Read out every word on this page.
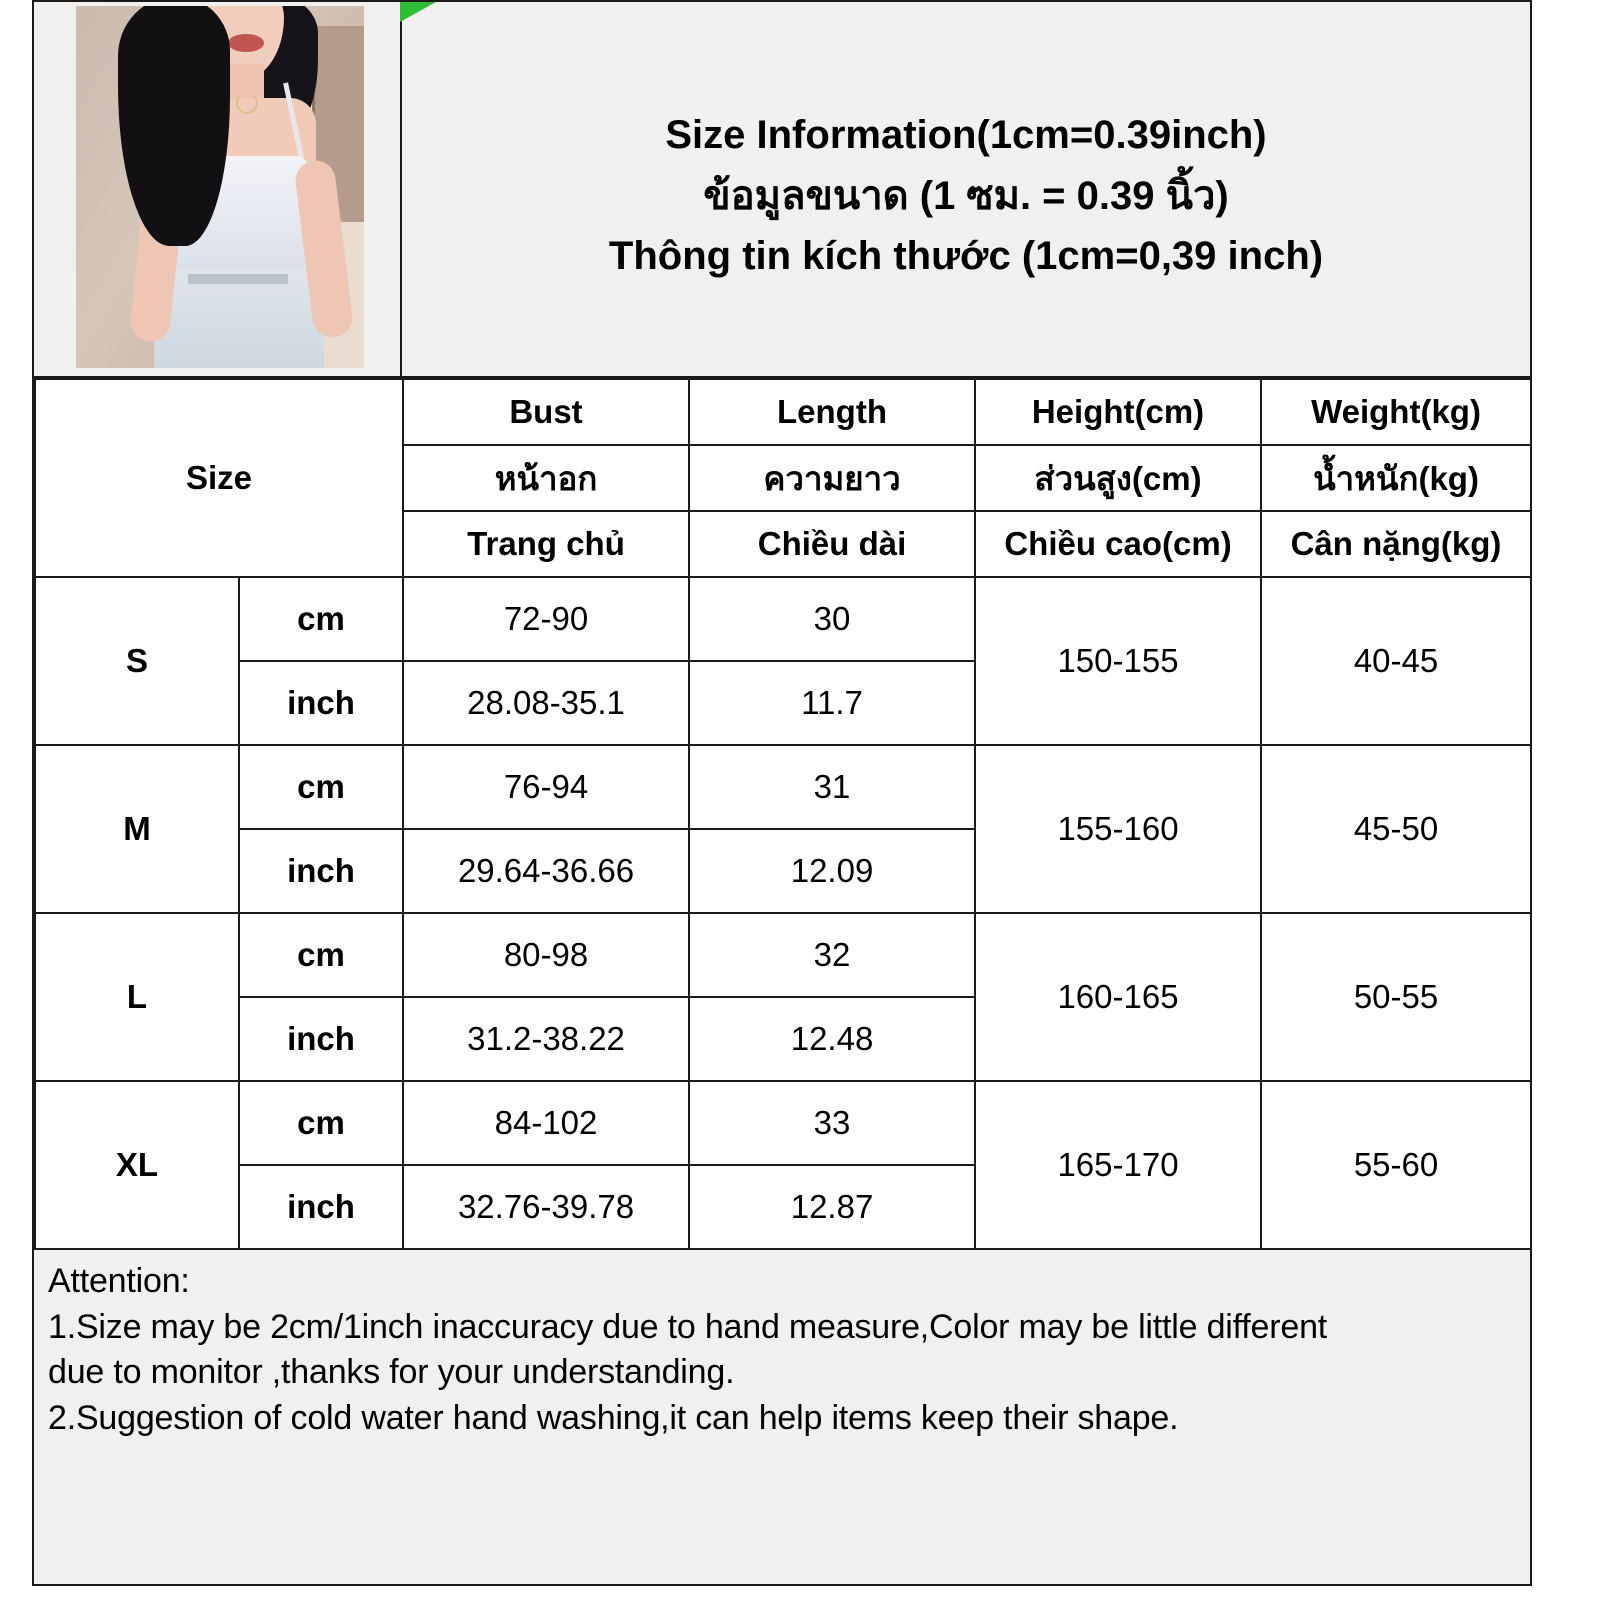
Size Information(1cm=0.39inch)
ข้อมูลขนาด (1 ซม. = 0.39 นิ้ว)
Thông tin kích thước (1cm=0,39 inch)
Size		Bust	Length	Height(cm)	Weight(kg)
		หน้าอก	ความยาว	ส่วนสูง(cm)	น้ำหนัก(kg)
		Trang chủ	Chiều dài	Chiều cao(cm)	Cân nặng(kg)
S	cm	72-90	30	150-155	40-45
	inch	28.08-35.1	11.7		
M	cm	76-94	31	155-160	45-50
	inch	29.64-36.66	12.09		
L	cm	80-98	32	160-165	50-55
	inch	31.2-38.22	12.48		
XL	cm	84-102	33	165-170	55-60
	inch	32.76-39.78	12.87		

Attention:

1.Size may be 2cm/1inch inaccuracy due to hand measure,Color may be little different

due to monitor ,thanks for your understanding.

2.Suggestion of cold water hand washing,it can help items keep their shape.
